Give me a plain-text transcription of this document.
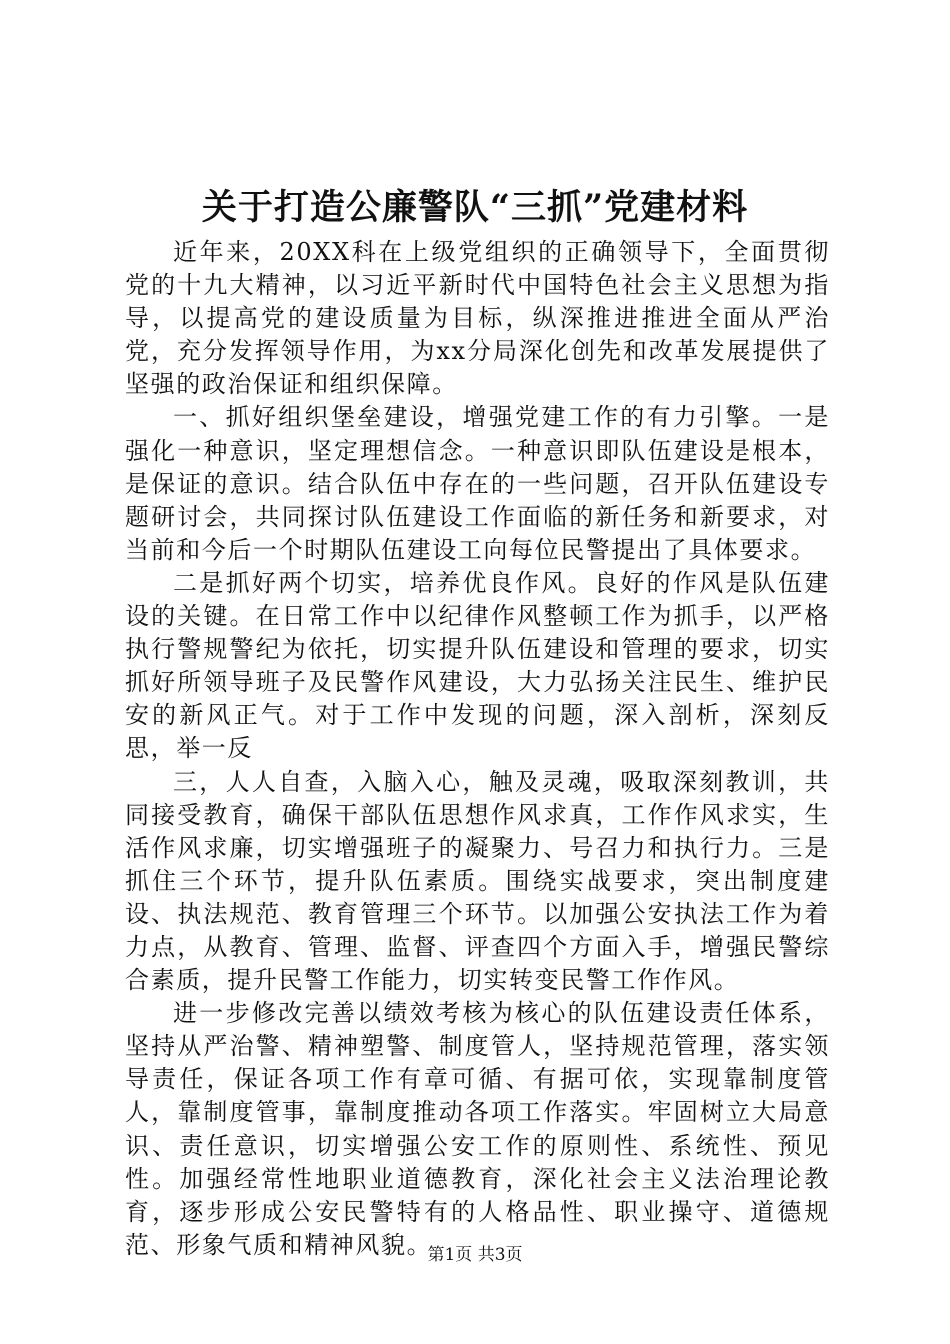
关于打造公廉警队“三抓”党建材料

近年来，20XX科在上级党组织的正确领导下，全面贯彻党的十九大精神，以习近平新时代中国特色社会主义思想为指导，以提高党的建设质量为目标，纵深推进推进全面从严治党，充分发挥领导作用，为xx分局深化创先和改革发展提供了坚强的政治保证和组织保障。

一、抓好组织堡垒建设，增强党建工作的有力引擎。一是强化一种意识，坚定理想信念。一种意识即队伍建设是根本，是保证的意识。结合队伍中存在的一些问题，召开队伍建设专题研讨会，共同探讨队伍建设工作面临的新任务和新要求，对当前和今后一个时期队伍建设工向每位民警提出了具体要求。

二是抓好两个切实，培养优良作风。良好的作风是队伍建设的关键。在日常工作中以纪律作风整顿工作为抓手，以严格执行警规警纪为依托，切实提升队伍建设和管理的要求，切实抓好所领导班子及民警作风建设，大力弘扬关注民生、维护民安的新风正气。对于工作中发现的问题，深入剖析，深刻反思，举一反

三，人人自查，入脑入心，触及灵魂，吸取深刻教训，共同接受教育，确保干部队伍思想作风求真，工作作风求实，生活作风求廉，切实增强班子的凝聚力、号召力和执行力。三是抓住三个环节，提升队伍素质。围绕实战要求，突出制度建设、执法规范、教育管理三个环节。以加强公安执法工作为着力点，从教育、管理、监督、评查四个方面入手，增强民警综合素质，提升民警工作能力，切实转变民警工作作风。

进一步修改完善以绩效考核为核心的队伍建设责任体系，坚持从严治警、精神塑警、制度管人，坚持规范管理，落实领导责任，保证各项工作有章可循、有据可依，实现靠制度管人，靠制度管事，靠制度推动各项工作落实。牢固树立大局意识、责任意识，切实增强公安工作的原则性、系统性、预见性。加强经常性地职业道德教育，深化社会主义法治理论教育，逐步形成公安民警特有的人格品性、职业操守、道德规范、形象气质和精神风貌。

第1页 共3页
